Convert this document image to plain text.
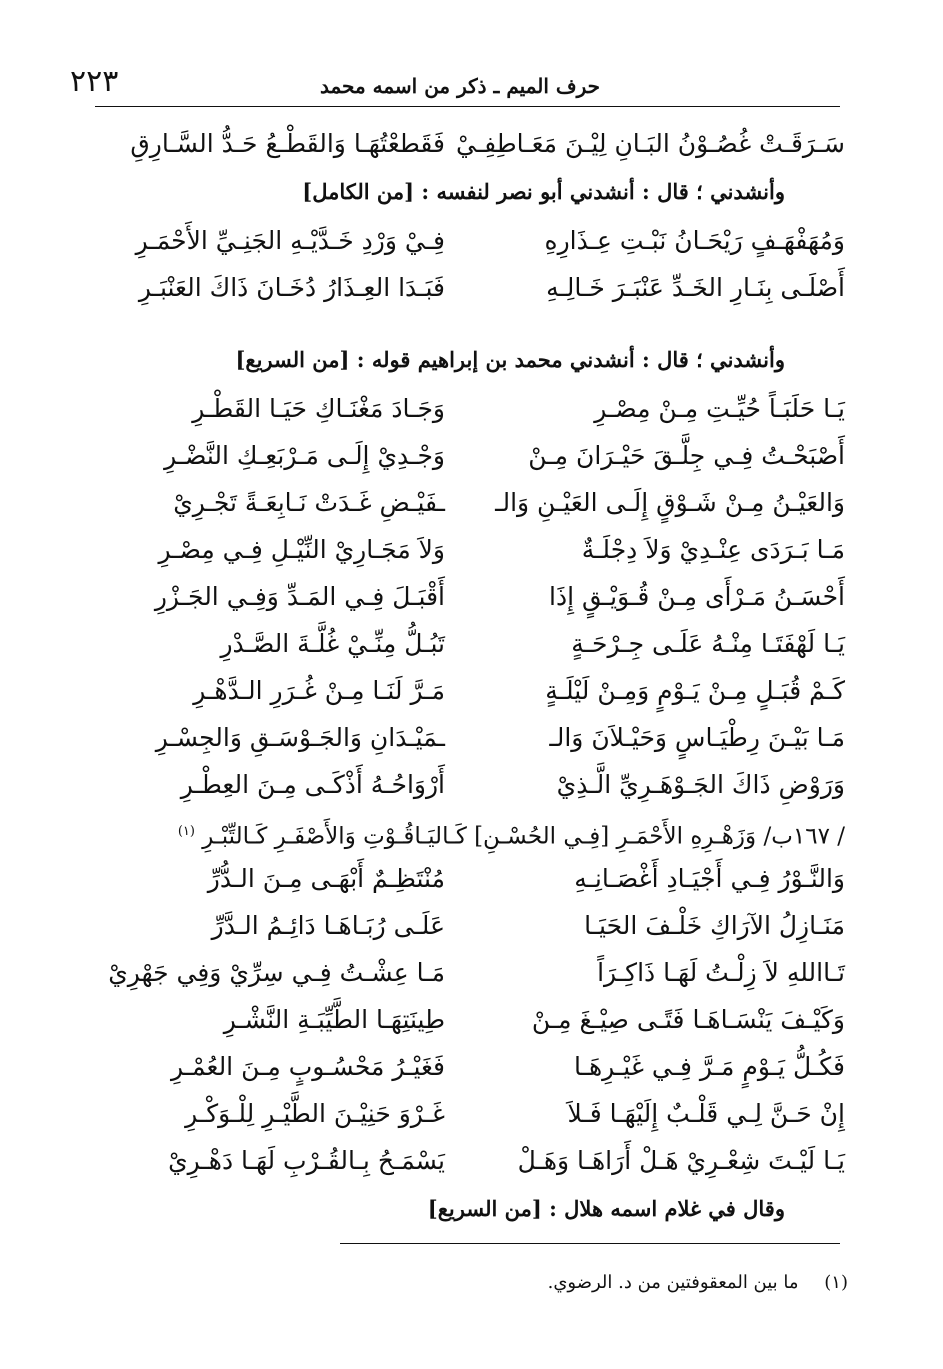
٢٢٣	حرف الميم ـ ذكر من اسمه محمد
سَـرَقَـتْ غُصُـوْنُ البَـانِ لِيْـنَ مَعَـاطِفِـيْ
فَقَطعْتُهَـا وَالقَطْـعُ حَـدُّ السَّـارِقِ
وأنشدني ؛ قال : أنشدني أبو نصر لنفسه : [من الكامل]
وَمُهَفْهَـفٍ رَيْحَـانُ نَبْـتِ عِـذَارِهِ
فِـيْ وَرْدِ خَـدَّيْـهِ الجَنِـيِّ الأَحْمَـرِ
أَصْلَـى بِنَـارِ الخَـدِّ عَنْبَـرَ خَـالِـهِ
فَبَـدَا العِـذَارُ دُخَـانَ ذَاكَ العَنْبَـرِ
وأنشدني ؛ قال : أنشدني محمد بن إبراهيم قوله : [من السريع]
يَـا حَلَبَـاً حُيِّـتِ مِـنْ مِصْـرِ
وَجَـادَ مَغْنَـاكِ حَيَـا القَطْـرِ
أَصْبَحْـتُ فِـي جِلَّـقَ حَيْـرَانَ مِـنْ
وَجْـدِيْ إِلَـى مَـرْبَعِـكِ النَّضْـرِ
وَالعَيْـنُ مِـنْ شَـوْقٍ إِلَـى العَيْـنِ وَالـ
ـفَيْـضِ غَـدَتْ نَـابِعَـةً تَجْـرِيْ
مَـا بَـرَدَى عِنْـدِيْ وَلاَ دِجْلَـةٌ
وَلاَ مَجَـارِيْ النِّيْـلِ فِـي مِصْـرِ
أَحْسَـنُ مَـرْأَى مِـنْ قُـوَيْـقٍ إِذَا
أَقْبَـلَ فِـي المَـدِّ وَفِـي الجَـزْرِ
يَـا لَهْفَتَـا مِنْـهُ عَلَـى جِـرْحَـةٍ
تَبُـلُّ مِنِّـيْ غُلَّـةَ الصَّـدْرِ
كَـمْ قُبَـلٍ مِـنْ يَـوْمٍ وَمِـنْ لَيْلَـةٍ
مَـرَّ لَنَـا مِـنْ غُـرَرِ الـدَّهْـرِ
مَـا بَيْـنَ رِطْيَـاسٍ وَحَيْـلاَنَ وَالـ
ـمَيْـدَانِ وَالجَـوْسَـقِ وَالجِسْـرِ
وَرَوْضِ ذَاكَ الجَـوْهَـرِيِّ الَّـذِيْ
أَرْوَاحُـهُ أَذْكَـى مِـنَ العِطْـرِ
/ ١٦٧ب/ وَزَهْـرِهِ الأَحْمَـرِ [فِـي الحُسْـنِ] كَـاليَـاقُـوْتِ وَالأَصْفَـرِ كَـالتِّبْـرِ $^{(١)}$
وَالنَّـوْرُ فِـي أَجْيَـادِ أَغْصَـانِـهِ
مُنْتَظِـمٌ أَبْهَـى مِـنَ الـدُّرِّ
مَنَـازِلُ الآرَاكِ خَلْـفَ الحَيَـا
عَلَـى رُبَـاهَـا دَائِـمُ الـدَّرِّ
تَـااللهِ لاَ زِلْـتُ لَهَـا ذَاكِـرَاً
مَـا عِشْـتُ فِـي سِرِّيْ وَفِي جَهْرِيْ
وَكَيْـفَ يَنْسَـاهَـا فَتًـى صِيْـغَ مِـنْ
طِينَتِهَـا الطَّيِّبَـةِ النَّشْـرِ
فَكُـلُّ يَـوْمٍ مَـرَّ فِـي غَيْـرِهَـا
فَغَيْـرُ مَحْسُـوبٍ مِـنَ العُمْـرِ
إِنْ حَـنَّ لِـي قَلْـبٌ إِلَيْهَـا فَـلاَ
غَـرْوَ حَنِيْـنَ الطَّيْـرِ لِلْـوَكْـرِ
يَـا لَيْـتَ شِعْـرِيْ هَـلْ أَرَاهَـا وَهَـلْ
يَسْمَـحُ بِـالقُـرْبِ لَهَـا دَهْـرِيْ
وقال في غلام اسمه هلال : [من السريع]
(١) ما بين المعقوفتين من د. الرضوي.
